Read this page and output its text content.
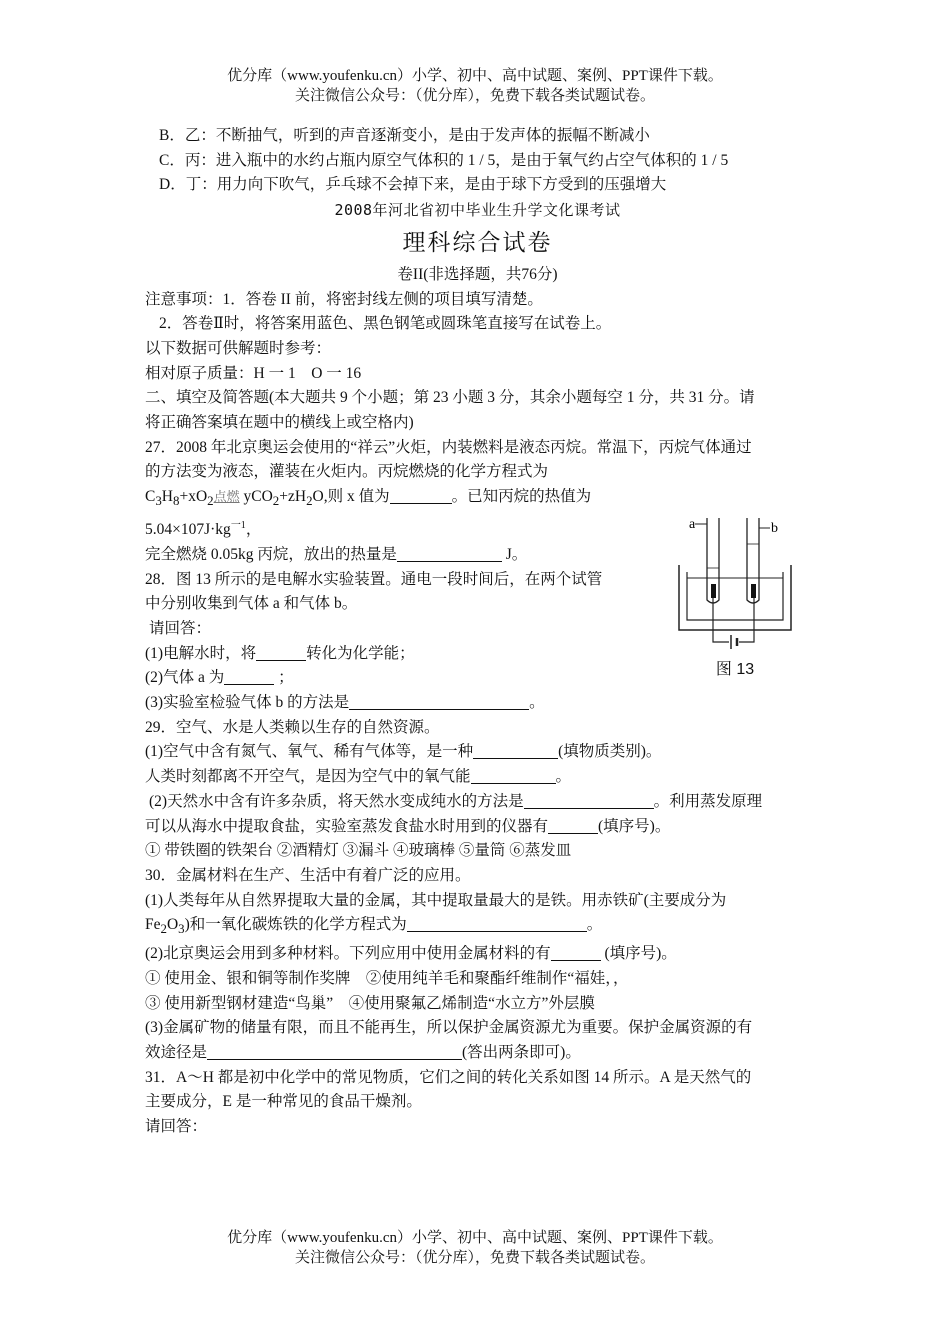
优分库（www.youfenku.cn）小学、初中、高中试题、案例、PPT课件下载。
关注微信公众号：（优分库），免费下载各类试题试卷。
B．乙：不断抽气，听到的声音逐渐变小，是由于发声体的振幅不断减小
C．丙：进入瓶中的水约占瓶内原空气体积的 1 / 5，是由于氧气约占空气体积的 1 / 5
D．丁：用力向下吹气，乒乓球不会掉下来，是由于球下方受到的压强增大
2008年河北省初中毕业生升学文化课考试
理科综合试卷
卷II(非选择题，共76分)
注意事项：1．答卷 II 前，将密封线左侧的项目填写清楚。
2．答卷Ⅱ时，将答案用蓝色、黑色钢笔或圆珠笔直接写在试卷上。
以下数据可供解题时参考：
相对原子质量：H 一 1　O 一 16
二、填空及简答题(本大题共 9 个小题；第 23 小题 3 分，其余小题每空 1 分，共 31 分。请
将正确答案填在题中的横线上或空格内)
27．2008 年北京奥运会使用的“祥云”火炬，内装燃料是液态丙烷。常温下，丙烷气体通过
的方法变为液态，灌装在火炬内。丙烷燃烧的化学方程式为
$C_3H_8+xO_2$点燃 $yCO_2+zH_2O$,则 x 值为	。已知丙烷的热值为
$5.04\times 107J\cdot kg^{一1}$，
完全燃烧 0.05kg 丙烷，放出的热量是	J。
28．图 13 所示的是电解水实验装置。通电一段时间后，在两个试管
中分别收集到气体 a 和气体 b。
请回答：
(1)电解水时，将	转化为化学能；
(2)气体 a 为	；
(3)实验室检验气体 b 的方法是	。
29．空气、水是人类赖以生存的自然资源。
(1)空气中含有氮气、氧气、稀有气体等，是一种	(填物质类别)。
人类时刻都离不开空气，是因为空气中的氧气能	。
(2)天然水中含有许多杂质，将天然水变成纯水的方法是	。利用蒸发原理
可以从海水中提取食盐，实验室蒸发食盐水时用到的仪器有	(填序号)。
① 带铁圈的铁架台 ②酒精灯 ③漏斗 ④玻璃棒 ⑤量筒 ⑥蒸发皿
30．金属材料在生产、生活中有着广泛的应用。
(1)人类每年从自然界提取大量的金属，其中提取量最大的是铁。用赤铁矿(主要成分为
$Fe_2O_3$)和一氧化碳炼铁的化学方程式为	。
(2)北京奥运会用到多种材料。下列应用中使用金属材料的有	(填序号)。
① 使用金、银和铜等制作奖牌　②使用纯羊毛和聚酯纤维制作“福娃，，
③ 使用新型钢材建造“鸟巢”　④使用聚氟乙烯制造“水立方”外层膜
(3)金属矿物的储量有限，而且不能再生，所以保护金属资源尤为重要。保护金属资源的有
效途径是	(答出两条即可)。
31．A～H 都是初中化学中的常见物质，它们之间的转化关系如图 14 所示。A 是天然气的
主要成分，E 是一种常见的食品干燥剂。
请回答：
a	b
图 13
优分库（www.youfenku.cn）小学、初中、高中试题、案例、PPT课件下载。
关注微信公众号：（优分库），免费下载各类试题试卷。
